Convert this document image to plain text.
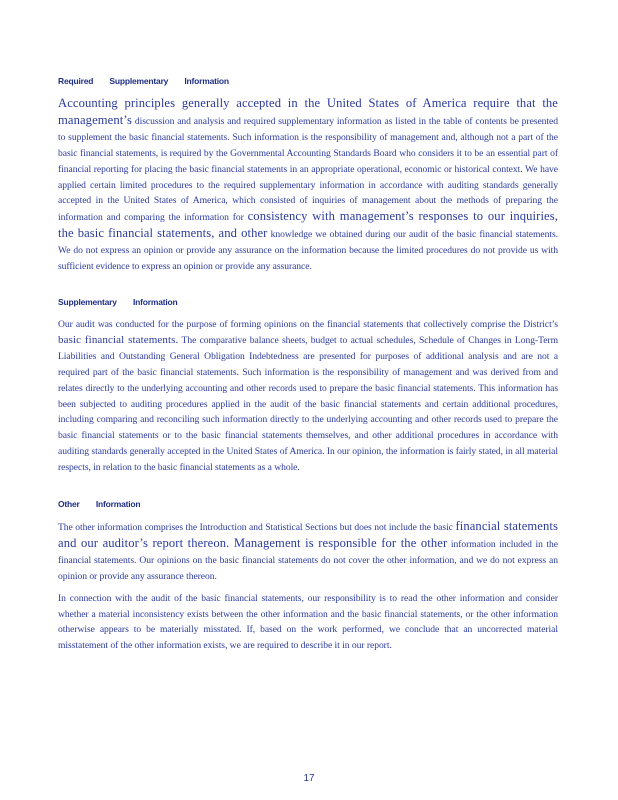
Required Supplementary Information

Accounting principles generally accepted in the United States of America require that the management’s discussion and analysis and required supplementary information as listed in the table of contents be presented to supplement the basic financial statements. Such information is the responsibility of management and, although not a part of the basic financial statements, is required by the Governmental Accounting Standards Board who considers it to be an essential part of financial reporting for placing the basic financial statements in an appropriate operational, economic or historical context. We have applied certain limited procedures to the required supplementary information in accordance with auditing standards generally accepted in the United States of America, which consisted of inquiries of management about the methods of preparing the information and comparing the information for consistency with management’s responses to our inquiries, the basic financial statements, and other knowledge we obtained during our audit of the basic financial statements. We do not express an opinion or provide any assurance on the information because the limited procedures do not provide us with sufficient evidence to express an opinion or provide any assurance.

Supplementary Information

Our audit was conducted for the purpose of forming opinions on the financial statements that collectively comprise the District’s basic financial statements. The comparative balance sheets, budget to actual schedules, Schedule of Changes in Long-Term Liabilities and Outstanding General Obligation Indebtedness are presented for purposes of additional analysis and are not a required part of the basic financial statements. Such information is the responsibility of management and was derived from and relates directly to the underlying accounting and other records used to prepare the basic financial statements. This information has been subjected to auditing procedures applied in the audit of the basic financial statements and certain additional procedures, including comparing and reconciling such information directly to the underlying accounting and other records used to prepare the basic financial statements or to the basic financial statements themselves, and other additional procedures in accordance with auditing standards generally accepted in the United States of America. In our opinion, the information is fairly stated, in all material respects, in relation to the basic financial statements as a whole.

Other Information

The other information comprises the Introduction and Statistical Sections but does not include the basic financial statements and our auditor’s report thereon. Management is responsible for the other information included in the financial statements. Our opinions on the basic financial statements do not cover the other information, and we do not express an opinion or provide any assurance thereon.

In connection with the audit of the basic financial statements, our responsibility is to read the other information and consider whether a material inconsistency exists between the other information and the basic financial statements, or the other information otherwise appears to be materially misstated. If, based on the work performed, we conclude that an uncorrected material misstatement of the other information exists, we are required to describe it in our report.

17
